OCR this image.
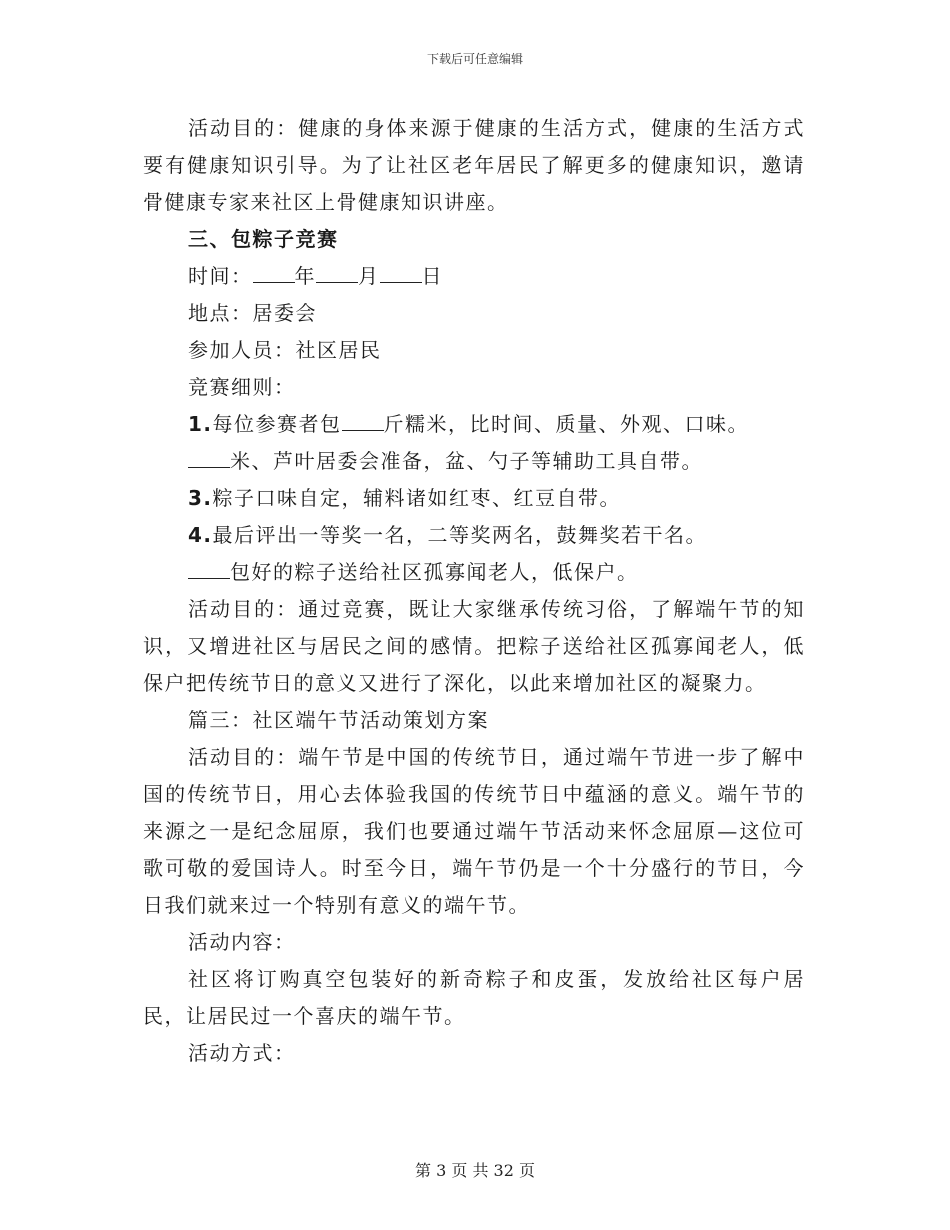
下载后可任意编辑

活动目的：健康的身体来源于健康的生活方式，健康的生活方式要有健康知识引导。为了让社区老年居民了解更多的健康知识，邀请骨健康专家来社区上骨健康知识讲座。

三、包粽子竞赛

时间： 年 月 日

地点：居委会

参加人员：社区居民

竞赛细则：

1.每位参赛者包 斤糯米，比时间、质量、外观、口味。

米、芦叶居委会准备，盆、勺子等辅助工具自带。

3.粽子口味自定，辅料诸如红枣、红豆自带。

4.最后评出一等奖一名，二等奖两名，鼓舞奖若干名。

包好的粽子送给社区孤寡闻老人，低保户。

活动目的：通过竞赛，既让大家继承传统习俗，了解端午节的知识，又增进社区与居民之间的感情。把粽子送给社区孤寡闻老人，低保户把传统节日的意义又进行了深化，以此来增加社区的凝聚力。

篇三：社区端午节活动策划方案

活动目的：端午节是中国的传统节日，通过端午节进一步了解中国的传统节日，用心去体验我国的传统节日中蕴涵的意义。端午节的来源之一是纪念屈原，我们也要通过端午节活动来怀念屈原—这位可歌可敬的爱国诗人。时至今日，端午节仍是一个十分盛行的节日，今日我们就来过一个特别有意义的端午节。

活动内容：

社区将订购真空包装好的新奇粽子和皮蛋，发放给社区每户居民，让居民过一个喜庆的端午节。

活动方式：

第 3 页 共 32 页
